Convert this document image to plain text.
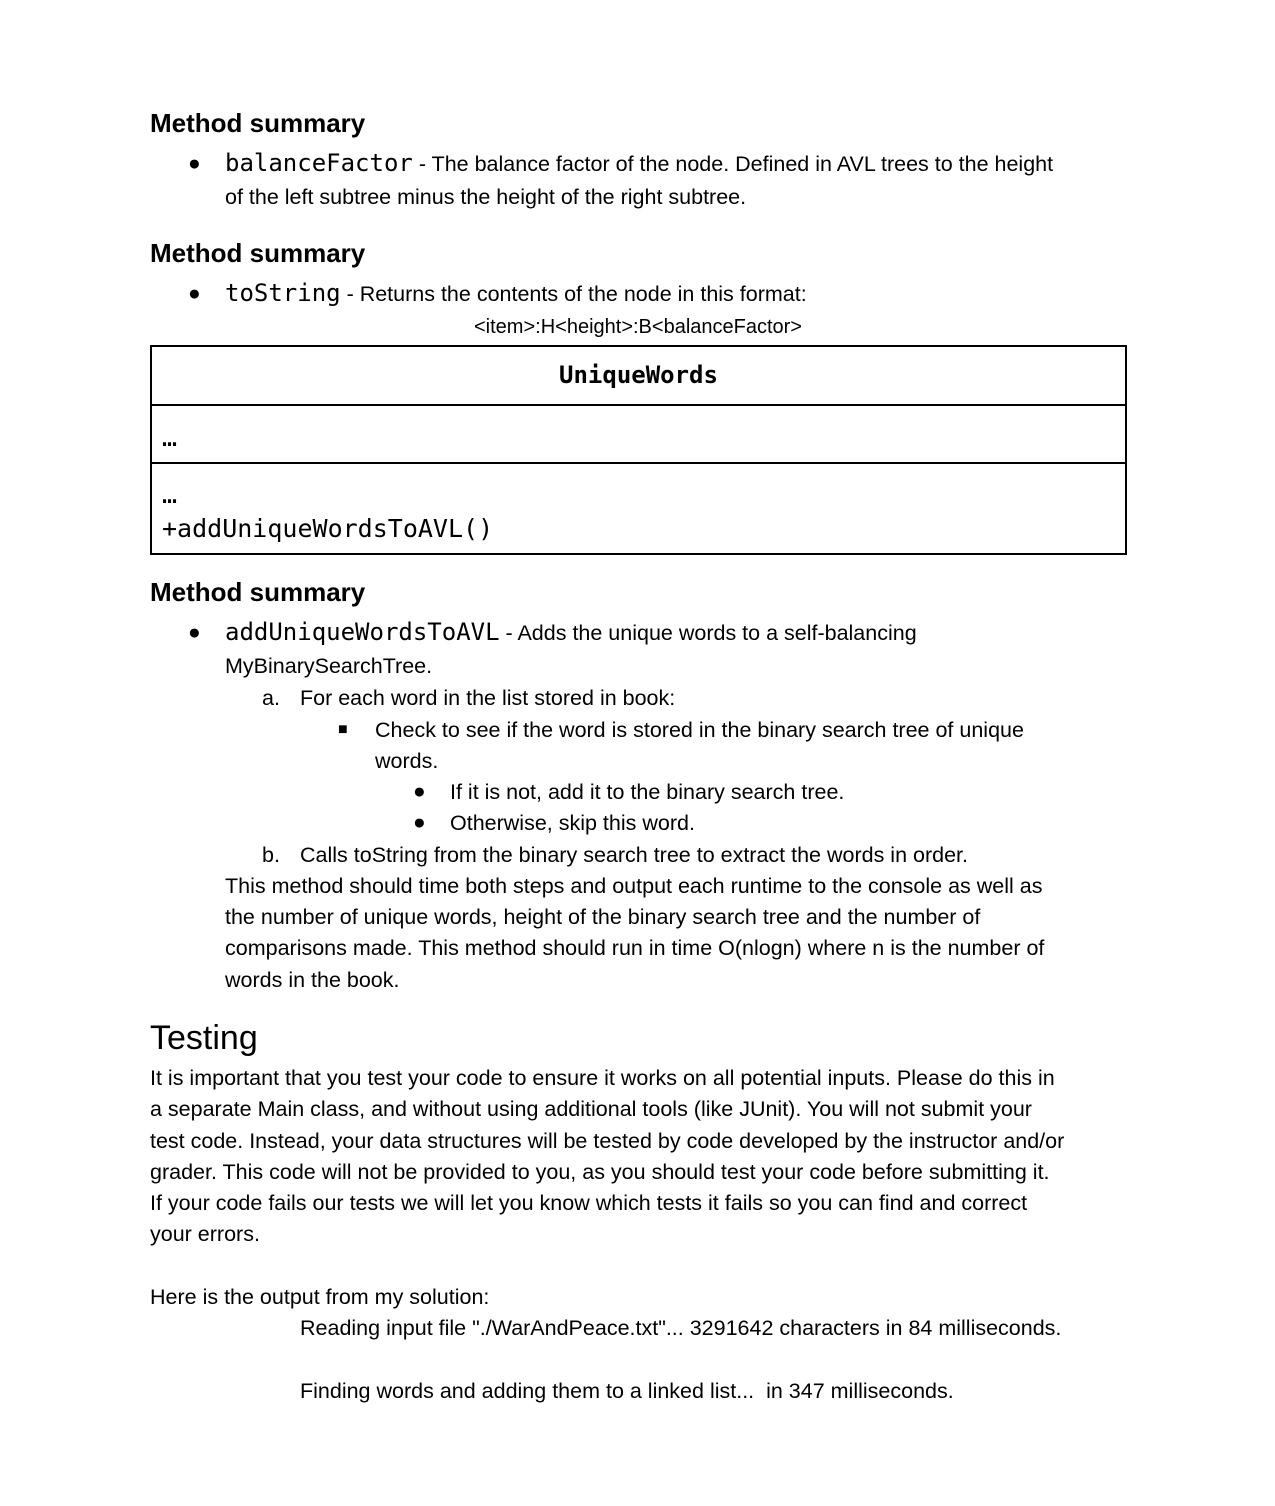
Method summary
● balanceFactor - The balance factor of the node. Defined in AVL trees to the height
of the left subtree minus the height of the right subtree.
Method summary
● toString - Returns the contents of the node in this format:
<item>:H<height>:B<balanceFactor>
UniqueWords
…
…
+addUniqueWordsToAVL()
Method summary
● addUniqueWordsToAVL - Adds the unique words to a self-balancing
MyBinarySearchTree.
a. For each word in the list stored in book:
■ Check to see if the word is stored in the binary search tree of unique
words.
● If it is not, add it to the binary search tree.
● Otherwise, skip this word.
b. Calls toString from the binary search tree to extract the words in order.
This method should time both steps and output each runtime to the console as well as
the number of unique words, height of the binary search tree and the number of
comparisons made. This method should run in time O(nlogn) where n is the number of
words in the book.
Testing
It is important that you test your code to ensure it works on all potential inputs. Please do this in
a separate Main class, and without using additional tools (like JUnit). You will not submit your
test code. Instead, your data structures will be tested by code developed by the instructor and/or
grader. This code will not be provided to you, as you should test your code before submitting it.
If your code fails our tests we will let you know which tests it fails so you can find and correct
your errors.
Here is the output from my solution:
Reading input file "./WarAndPeace.txt"... 3291642 characters in 84 milliseconds.
Finding words and adding them to a linked list...  in 347 milliseconds.
